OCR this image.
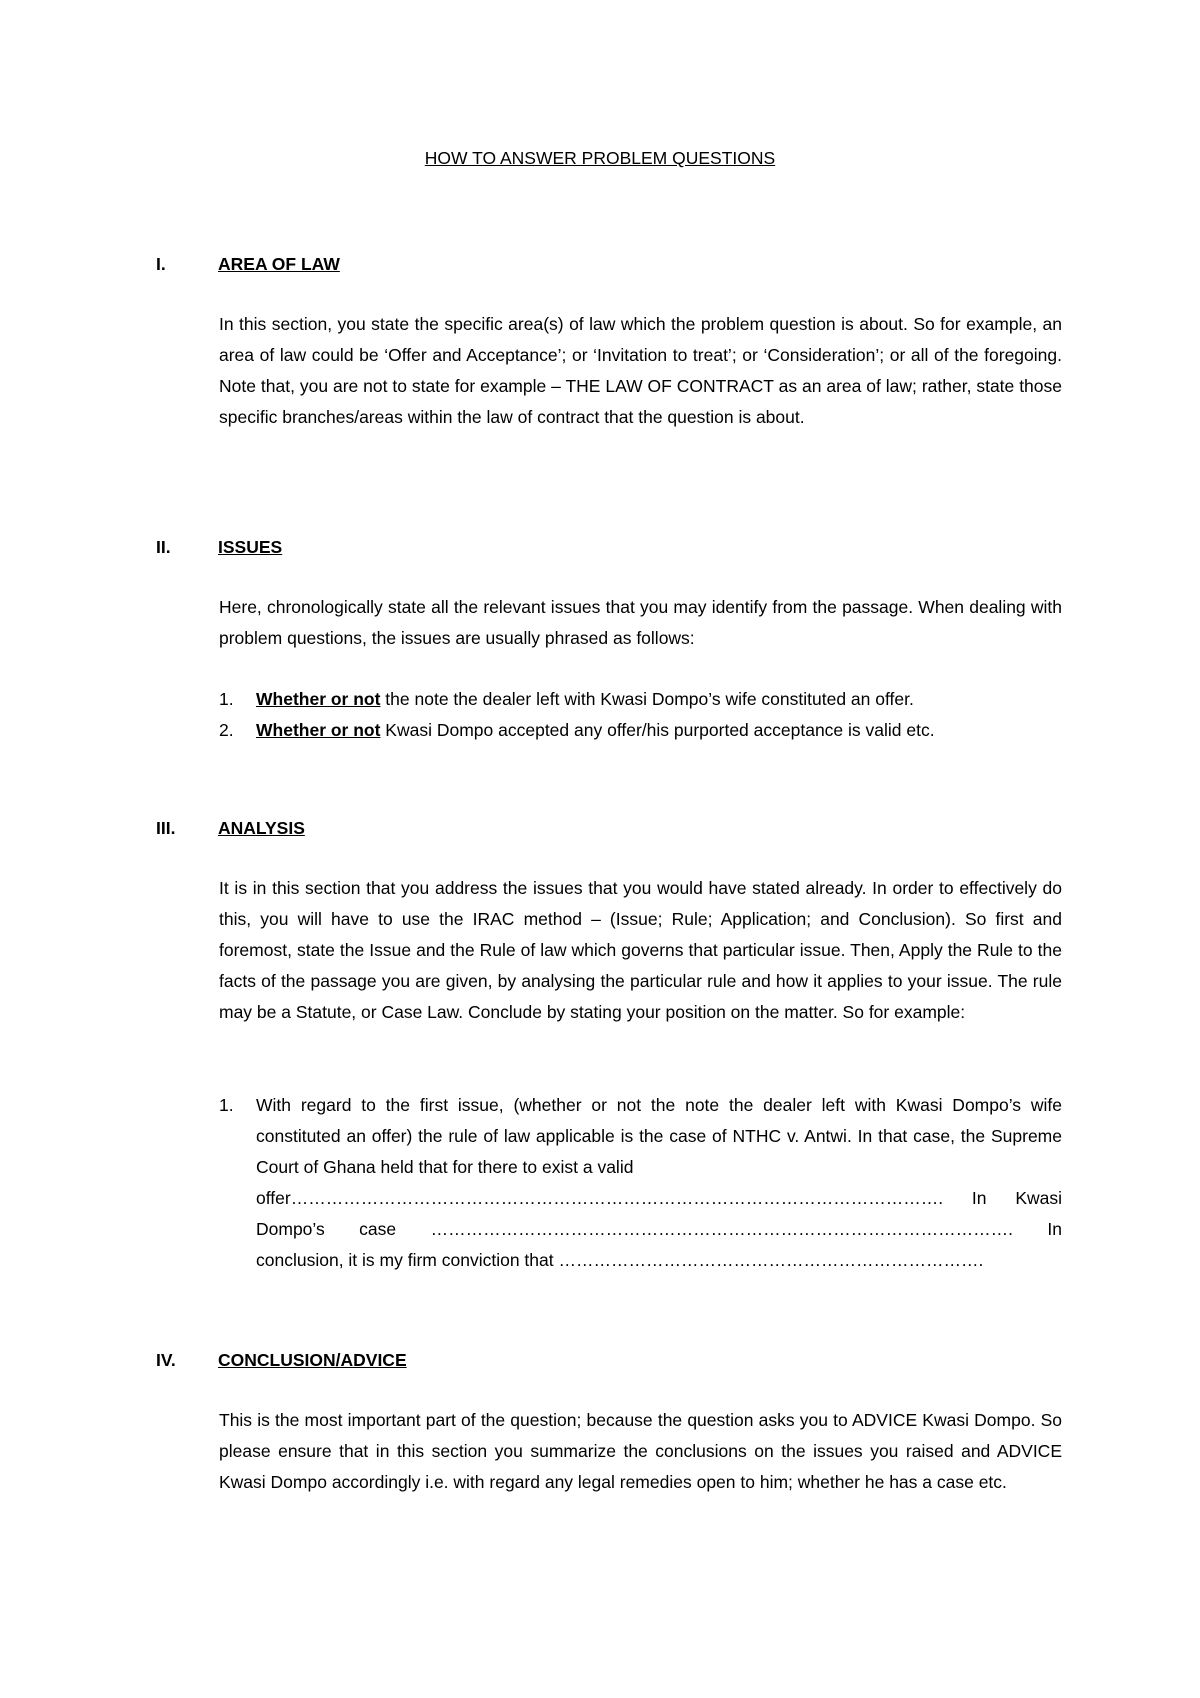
HOW TO ANSWER PROBLEM QUESTIONS
I.	AREA OF LAW
In this section, you state the specific area(s) of law which the problem question is about. So for example, an area of law could be ‘Offer and Acceptance’; or ‘Invitation to treat’; or ‘Consideration’; or all of the foregoing. Note that, you are not to state for example – THE LAW OF CONTRACT as an area of law; rather, state those specific branches/areas within the law of contract that the question is about.
II.	ISSUES
Here, chronologically state all the relevant issues that you may identify from the passage. When dealing with problem questions, the issues are usually phrased as follows:
1. Whether or not the note the dealer left with Kwasi Dompo’s wife constituted an offer.
2. Whether or not Kwasi Dompo accepted any offer/his purported acceptance is valid etc.
III. ANALYSIS
It is in this section that you address the issues that you would have stated already. In order to effectively do this, you will have to use the IRAC method – (Issue; Rule; Application; and Conclusion). So first and foremost, state the Issue and the Rule of law which governs that particular issue. Then, Apply the Rule to the facts of the passage you are given, by analysing the particular rule and how it applies to your issue. The rule may be a Statute, or Case Law. Conclude by stating your position on the matter. So for example:
1. With regard to the first issue, (whether or not the note the dealer left with Kwasi Dompo’s wife constituted an offer) the rule of law applicable is the case of NTHC v. Antwi. In that case, the Supreme Court of Ghana held that for there to exist a valid
offer…………………………………………………………………………………………………. In Kwasi
Dompo’s case ………………………………………………………………………………………. In
conclusion, it is my firm conviction that ……………………………………………………………….
IV. CONCLUSION/ADVICE
This is the most important part of the question; because the question asks you to ADVICE Kwasi Dompo. So please ensure that in this section you summarize the conclusions on the issues you raised and ADVICE Kwasi Dompo accordingly i.e. with regard any legal remedies open to him; whether he has a case etc.
